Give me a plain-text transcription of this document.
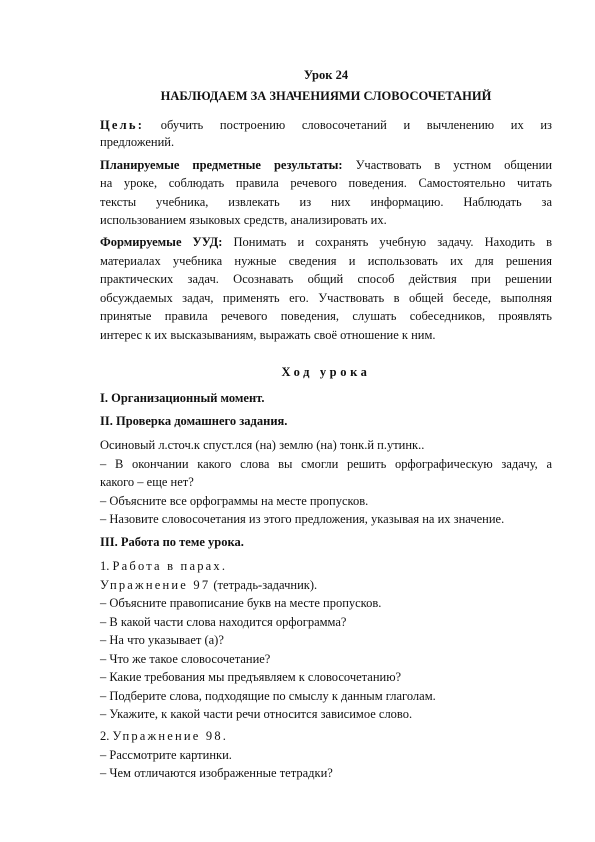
Урок 24
НАБЛЮДАЕМ ЗА ЗНАЧЕНИЯМИ СЛОВОСОЧЕТАНИЙ
Цель: обучить построению словосочетаний и вычленению их из
предложений.
Планируемые предметные результаты: Участвовать в устном общении
на уроке, соблюдать правила речевого поведения. Самостоятельно читать
тексты учебника, извлекать из них информацию. Наблюдать за
использованием языковых средств, анализировать их.
Формируемые УУД: Понимать и сохранять учебную задачу. Находить в
материалах учебника нужные сведения и использовать их для решения
практических задач. Осознавать общий способ действия при решении
обсуждаемых задач, применять его. Участвовать в общей беседе, выполняя
принятые правила речевого поведения, слушать собеседников, проявлять
интерес к их высказываниям, выражать своё отношение к ним.
Ход урока
I. Организационный момент.
II. Проверка домашнего задания.
Осиновый л.сточ.к спуст.лся (на) землю (на) тонк.й п.утинк..
– В окончании какого слова вы смогли решить орфографическую задачу, а
какого – еще нет?
– Объясните все орфограммы на месте пропусков.
– Назовите словосочетания из этого предложения, указывая на их значение.
III. Работа по теме урока.
1. Работа в парах.
Упражнение 97 (тетрадь-задачник).
– Объясните правописание букв на месте пропусков.
– В какой части слова находится орфограмма?
– На что указывает (а)?
– Что же такое словосочетание?
– Какие требования мы предъявляем к словосочетанию?
– Подберите слова, подходящие по смыслу к данным глаголам.
– Укажите, к какой части речи относится зависимое слово.
2. Упражнение 98.
– Рассмотрите картинки.
– Чем отличаются изображенные тетрадки?
